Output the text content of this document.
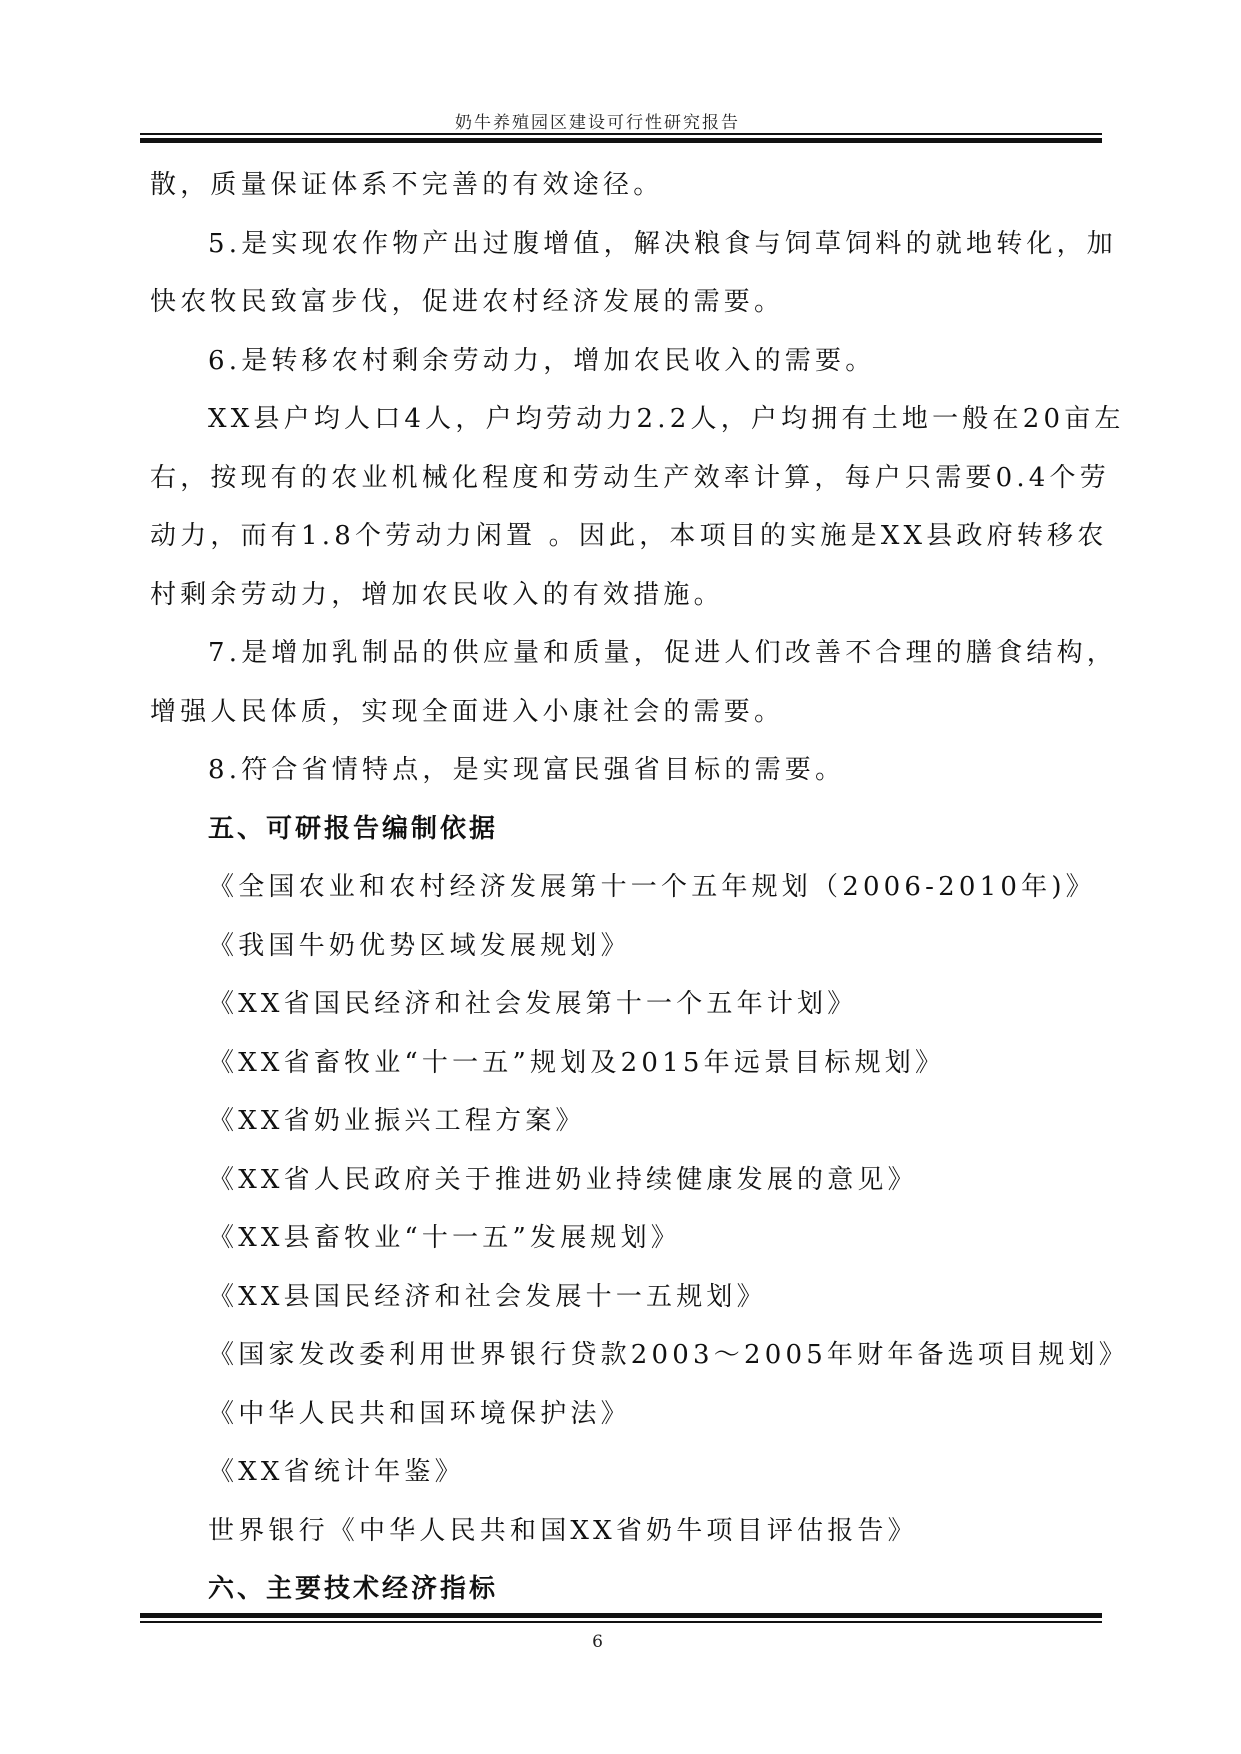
奶牛养殖园区建设可行性研究报告
散，质量保证体系不完善的有效途径。
5.是实现农作物产出过腹增值，解决粮食与饲草饲料的就地转化，加
快农牧民致富步伐，促进农村经济发展的需要。
6.是转移农村剩余劳动力，增加农民收入的需要。
XX县户均人口4人，户均劳动力2.2人，户均拥有土地一般在20亩左
右，按现有的农业机械化程度和劳动生产效率计算，每户只需要0.4个劳
动力，而有1.8个劳动力闲置 。因此，本项目的实施是XX县政府转移农
村剩余劳动力，增加农民收入的有效措施。
7.是增加乳制品的供应量和质量，促进人们改善不合理的膳食结构，
增强人民体质，实现全面进入小康社会的需要。
8.符合省情特点，是实现富民强省目标的需要。
五、可研报告编制依据
《全国农业和农村经济发展第十一个五年规划（2006-2010年)》
《我国牛奶优势区域发展规划》
《XX省国民经济和社会发展第十一个五年计划》
《XX省畜牧业“十一五”规划及2015年远景目标规划》
《XX省奶业振兴工程方案》
《XX省人民政府关于推进奶业持续健康发展的意见》
《XX县畜牧业“十一五”发展规划》
《XX县国民经济和社会发展十一五规划》
《国家发改委利用世界银行贷款2003～2005年财年备选项目规划》
《中华人民共和国环境保护法》
《XX省统计年鉴》
世界银行《中华人民共和国XX省奶牛项目评估报告》
六、主要技术经济指标
6
